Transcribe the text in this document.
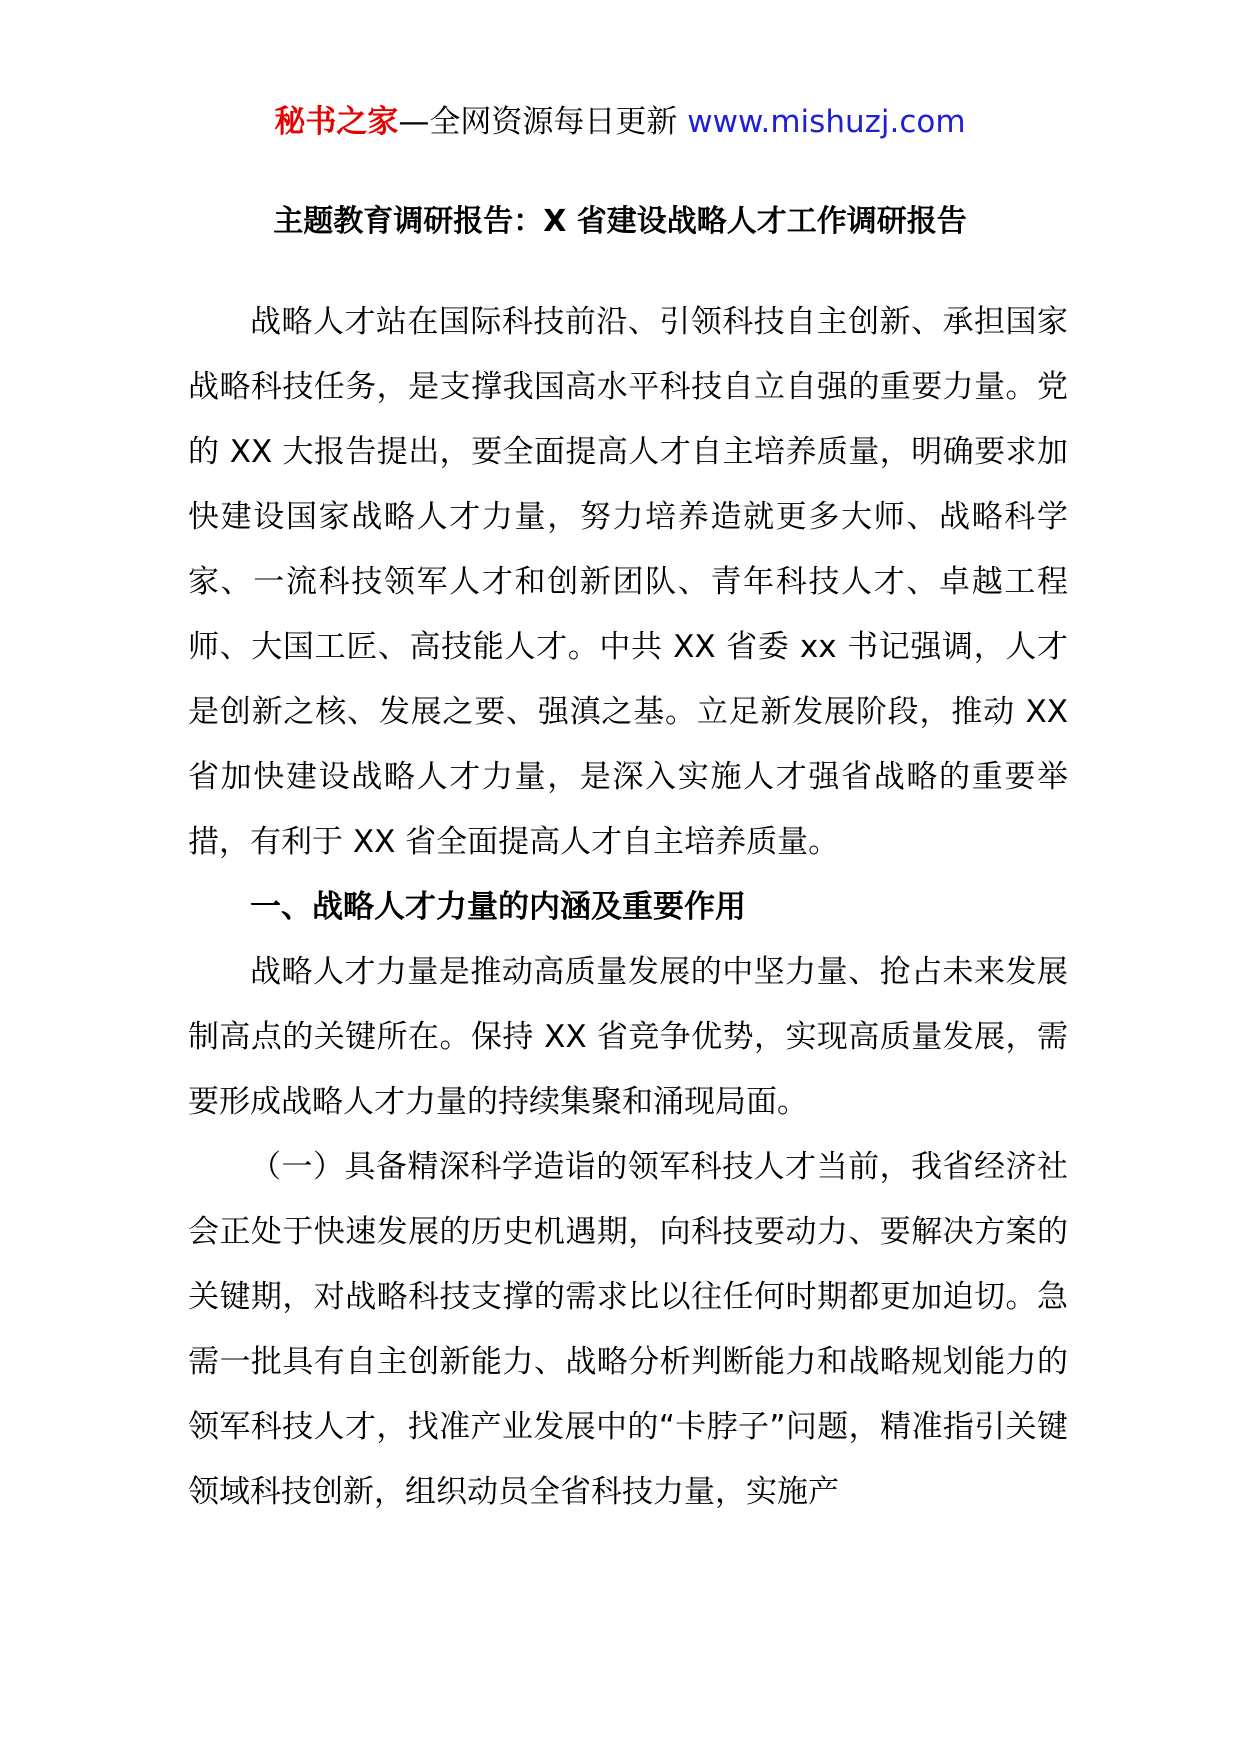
秘书之家—全网资源每日更新 www.mishuzj.com
主题教育调研报告：X 省建设战略人才工作调研报告

战略人才站在国际科技前沿、引领科技自主创新、承担国家战略科技任务，是支撑我国高水平科技自立自强的重要力量。党的 XX 大报告提出，要全面提高人才自主培养质量，明确要求加快建设国家战略人才力量，努力培养造就更多大师、战略科学家、一流科技领军人才和创新团队、青年科技人才、卓越工程师、大国工匠、高技能人才。中共 XX 省委 xx 书记强调，人才是创新之核、发展之要、强滇之基。立足新发展阶段，推动 XX 省加快建设战略人才力量，是深入实施人才强省战略的重要举措，有利于 XX 省全面提高人才自主培养质量。

一、战略人才力量的内涵及重要作用

战略人才力量是推动高质量发展的中坚力量、抢占未来发展制高点的关键所在。保持 XX 省竞争优势，实现高质量发展，需要形成战略人才力量的持续集聚和涌现局面。

（一）具备精深科学造诣的领军科技人才当前，我省经济社会正处于快速发展的历史机遇期，向科技要动力、要解决方案的关键期，对战略科技支撑的需求比以往任何时期都更加迫切。急需一批具有自主创新能力、战略分析判断能力和战略规划能力的领军科技人才，找准产业发展中的“卡脖子”问题，精准指引关键领域科技创新，组织动员全省科技力量，实施产
